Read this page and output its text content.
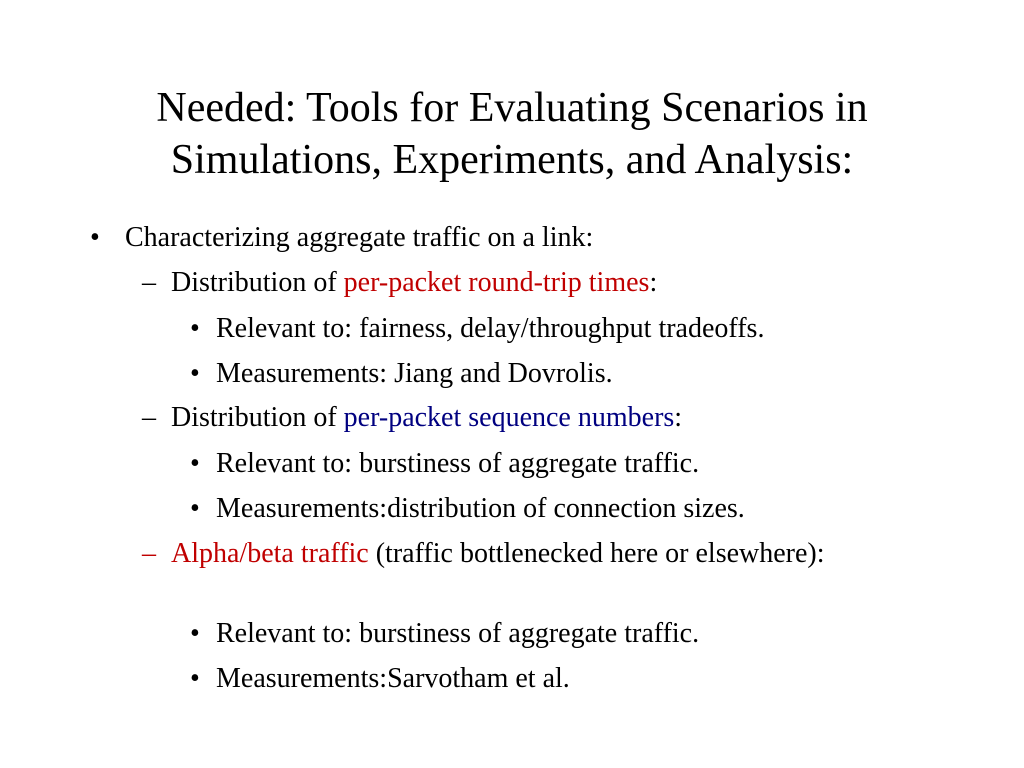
Needed: Tools for Evaluating Scenarios in
Simulations, Experiments, and Analysis:
• Characterizing aggregate traffic on a link:
– Distribution of per-packet round-trip times:
• Relevant to: fairness, delay/throughput tradeoffs.
• Measurements: Jiang and Dovrolis.
– Distribution of per-packet sequence numbers:
• Relevant to: burstiness of aggregate traffic.
• Measurements:distribution of connection sizes.
– Alpha/beta traffic (traffic bottlenecked here or elsewhere):
• Relevant to: burstiness of aggregate traffic.
• Measurements:Sarvotham et al.
